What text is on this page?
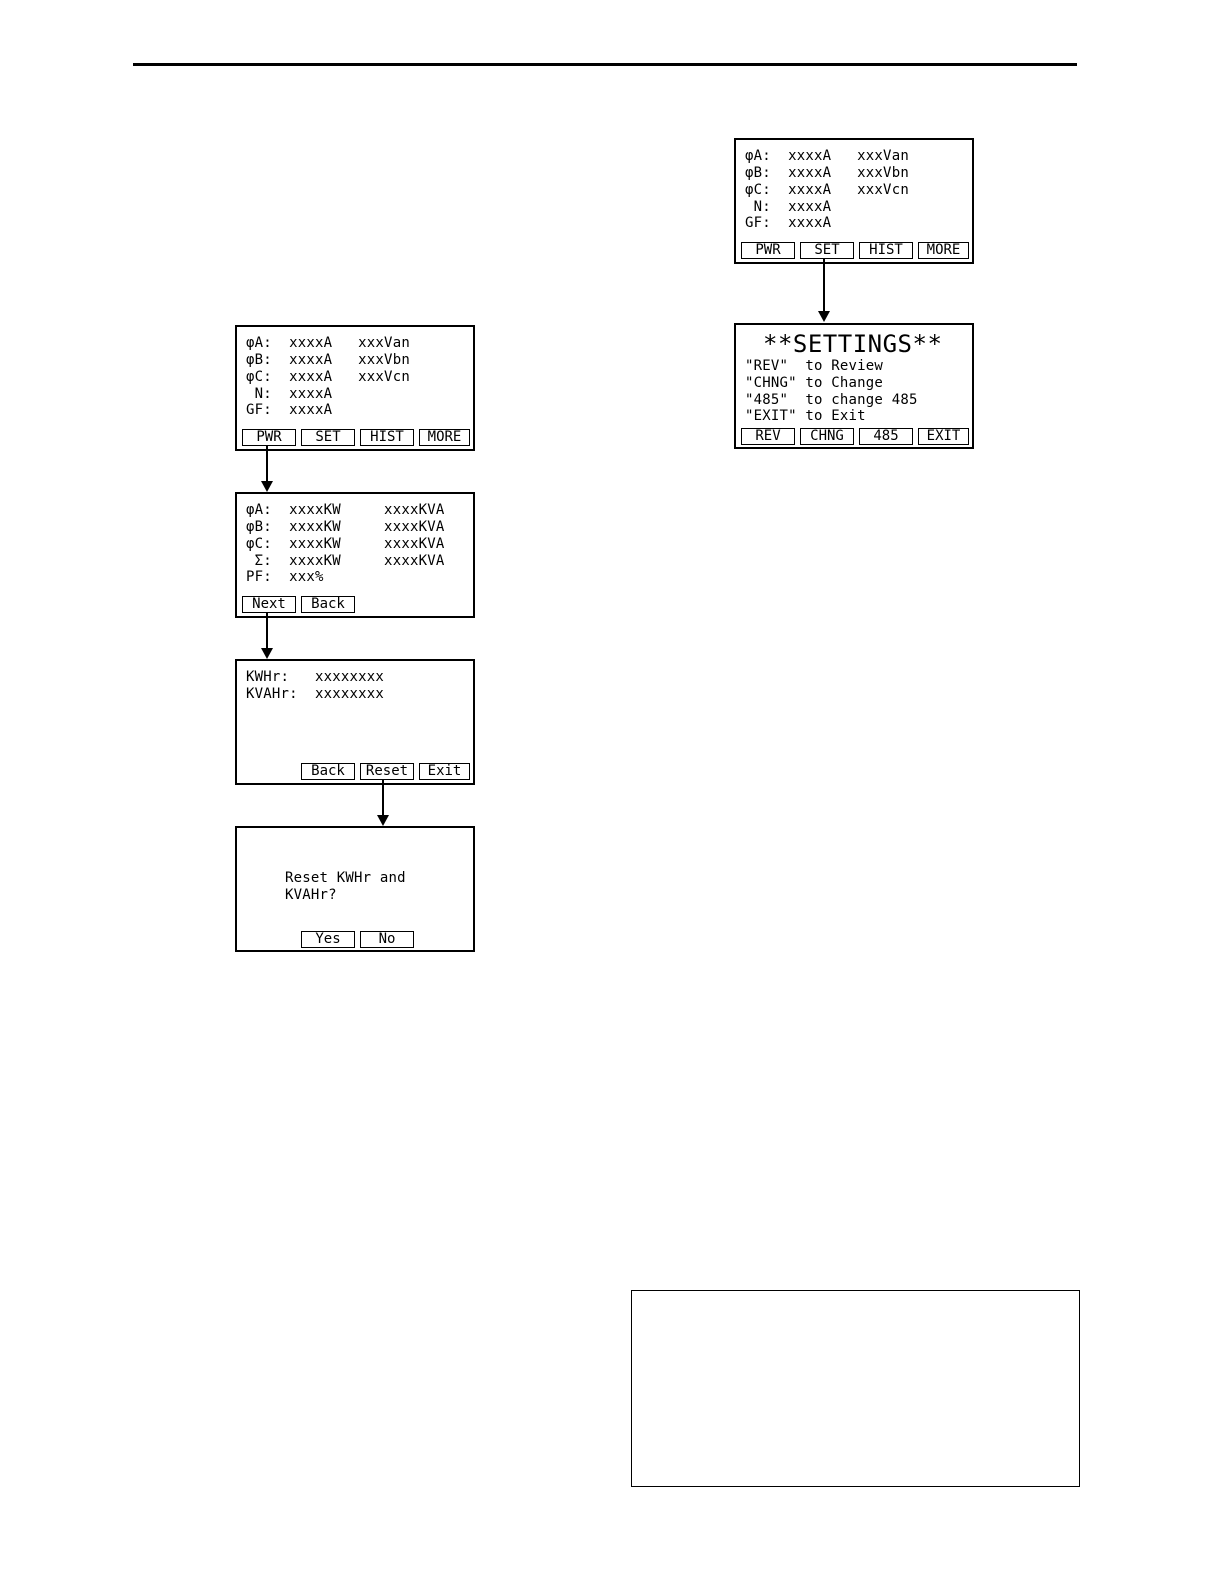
φA:  xxxxA   xxxVan
φB:  xxxxA   xxxVbn
φC:  xxxxA   xxxVcn
N:  xxxxA
GF:  xxxxA
PWR	SET	HIST	MORE
φA:  xxxxKW     xxxxKVA
φB:  xxxxKW     xxxxKVA
φC:  xxxxKW     xxxxKVA
Σ:  xxxxKW     xxxxKVA
PF:  xxx%
Next	Back
KWHr:   xxxxxxxx
KVAHr:  xxxxxxxx
Back	Reset	Exit
Reset KWHr and
KVAHr?
Yes	No
φA:  xxxxA   xxxVan
φB:  xxxxA   xxxVbn
φC:  xxxxA   xxxVcn
N:  xxxxA
GF:  xxxxA
PWR	SET	HIST	MORE
**SETTINGS**
"REV"  to Review
"CHNG" to Change
"485"  to change 485
"EXIT" to Exit
REV	CHNG	485	EXIT
